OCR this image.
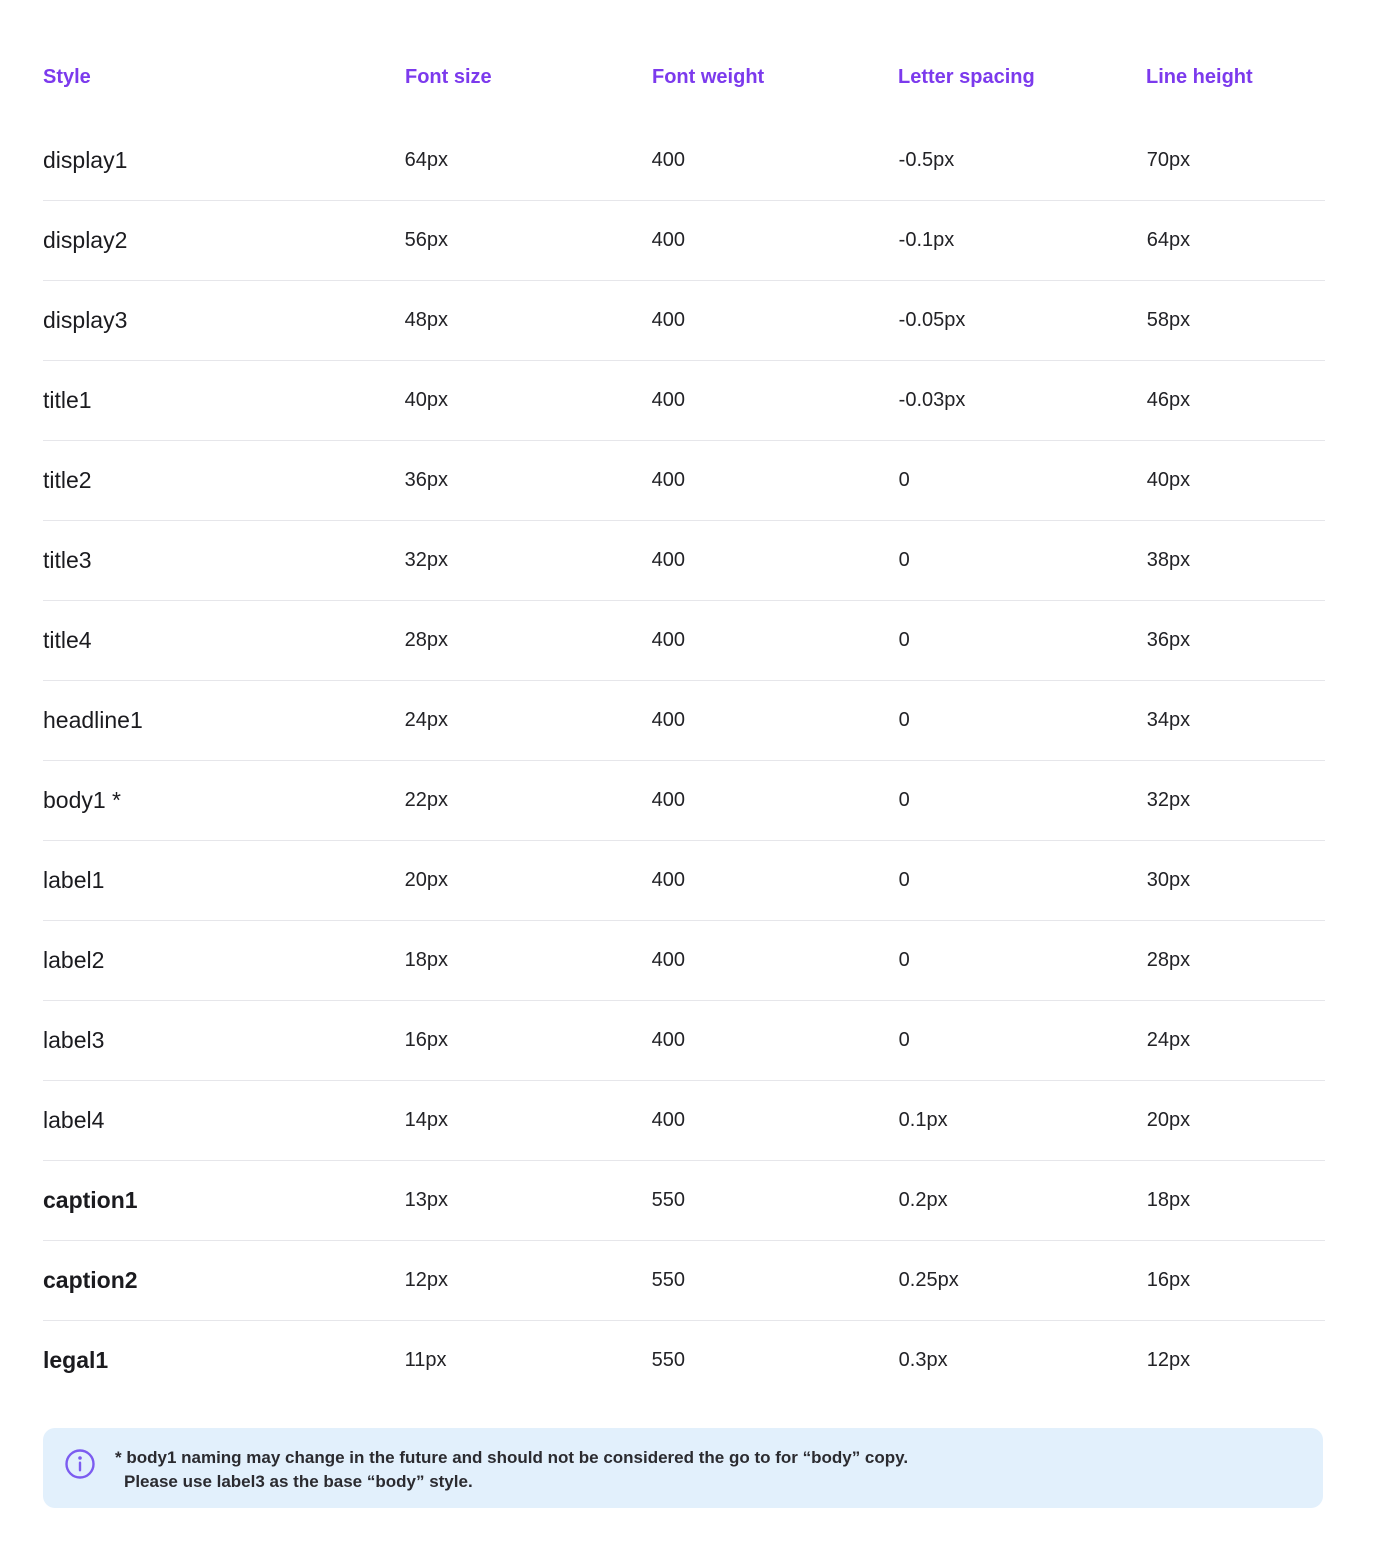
Style	Font size	Font weight	Letter spacing	Line height
display1	64px	400	-0.5px	70px
display2	56px	400	-0.1px	64px
display3	48px	400	-0.05px	58px
title1	40px	400	-0.03px	46px
title2	36px	400	0	40px
title3	32px	400	0	38px
title4	28px	400	0	36px
headline1	24px	400	0	34px
body1 *	22px	400	0	32px
label1	20px	400	0	30px
label2	18px	400	0	28px
label3	16px	400	0	24px
label4	14px	400	0.1px	20px
caption1	13px	550	0.2px	18px
caption2	12px	550	0.25px	16px
legal1	11px	550	0.3px	12px
* body1 naming may change in the future and should not be considered the go to for “body” copy.
Please use label3 as the base “body” style.
